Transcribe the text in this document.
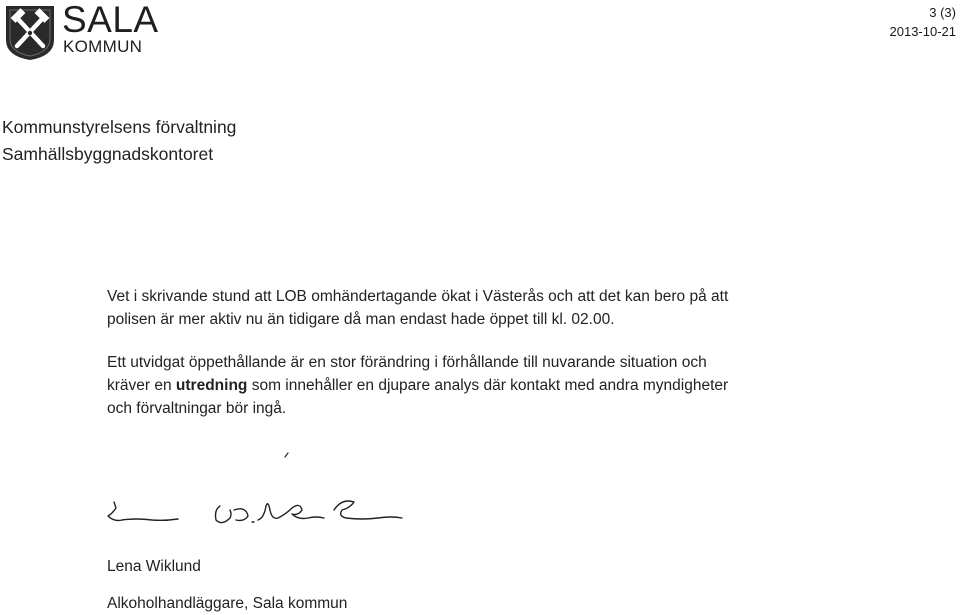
SALA
KOMMUN
3 (3)
2013-10-21
Kommunstyrelsens förvaltning
Samhällsbyggnadskontoret
Vet i skrivande stund att LOB omhändertagande ökat i Västerås och att det kan bero på att
polisen är mer aktiv nu än tidigare då man endast hade öppet till kl. 02.00.
Ett utvidgat öppethållande är en stor förändring i förhållande till nuvarande situation och
kräver en utredning som innehåller en djupare analys där kontakt med andra myndigheter
och förvaltningar bör ingå.
Lena Wiklund
Alkoholhandläggare, Sala kommun
